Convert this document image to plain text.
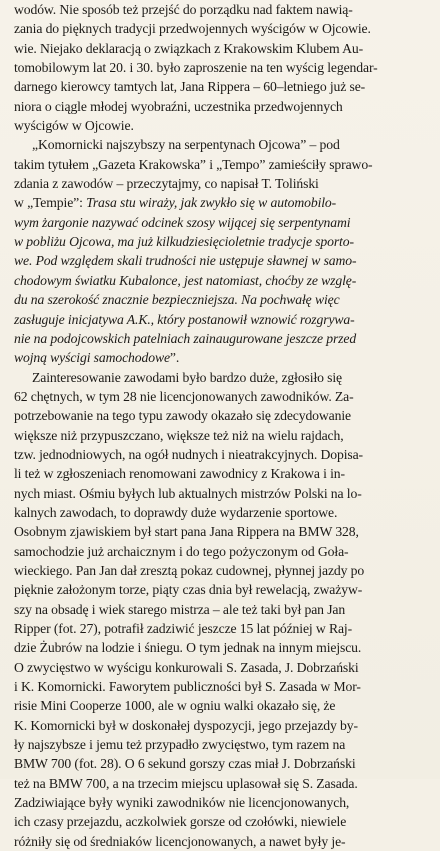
wodów. Nie sposób też przejść do porządku nad faktem nawią-
zania do pięknych tradycji przedwojennych wyścigów w Ojcowie.
wie. Niejako deklaracją o związkach z Krakowskim Klubem Au-
tomobilowym lat 20. i 30. było zaproszenie na ten wyścig legendar-
darnego kierowcy tamtych lat, Jana Rippera – 60–letniego już se-
niora o ciągle młodej wyobraźni, uczestnika przedwojennych
wyścigów w Ojcowie.
„Komornicki najszybszy na serpentynach Ojcowa” – pod
takim tytułem „Gazeta Krakowska” i „Tempo” zamieściły sprawo-
zdania z zawodów – przeczytajmy, co napisał T. Toliński
w „Tempie”: Trasa stu wiraży, jak zwykło się w automobilo-
wym żargonie nazywać odcinek szosy wijącej się serpentynami
w pobliżu Ojcowa, ma już kilkudziesięcioletnie tradycje sporto-
we. Pod względem skali trudności nie ustępuje sławnej w samo-
chodowym światku Kubalonce, jest natomiast, choćby ze wzglę-
du na szerokość znacznie bezpieczniejsza. Na pochwałę więc
zasługuje inicjatywa A.K., który postanowił wznowić rozgrywa-
nie na podojcowskich patelniach zainaugurowane jeszcze przed
wojną wyścigi samochodowe”.
Zainteresowanie zawodami było bardzo duże, zgłosiło się
62 chętnych, w tym 28 nie licencjonowanych zawodników. Za-
potrzebowanie na tego typu zawody okazało się zdecydowanie
większe niż przypuszczano, większe też niż na wielu rajdach,
tzw. jednodniowych, na ogół nudnych i nieatrakcyjnych. Dopisa-
li też w zgłoszeniach renomowani zawodnicy z Krakowa i in-
nych miast. Ośmiu byłych lub aktualnych mistrzów Polski na lo-
kalnych zawodach, to doprawdy duże wydarzenie sportowe.
Osobnym zjawiskiem był start pana Jana Rippera na BMW 328,
samochodzie już archaicznym i do tego pożyczonym od Goła-
wieckiego. Pan Jan dał zresztą pokaz cudownej, płynnej jazdy po
pięknie założonym torze, piąty czas dnia był rewelacją, zważyw-
szy na obsadę i wiek starego mistrza – ale też taki był pan Jan
Ripper (fot. 27), potrafił zadziwić jeszcze 15 lat później w Raj-
dzie Żubrów na lodzie i śniegu. O tym jednak na innym miejscu.
O zwycięstwo w wyścigu konkurowali S. Zasada, J. Dobrzański
i K. Komornicki. Faworytem publiczności był S. Zasada w Mor-
risie Mini Cooperze 1000, ale w ogniu walki okazało się, że
K. Komornicki był w doskonałej dyspozycji, jego przejazdy by-
ły najszybsze i jemu też przypadło zwycięstwo, tym razem na
BMW 700 (fot. 28). O 6 sekund gorszy czas miał J. Dobrzański
też na BMW 700, a na trzecim miejscu uplasował się S. Zasada.
Zadziwiające były wyniki zawodników nie licencjonowanych,
ich czasy przejazdu, aczkolwiek gorsze od czołówki, niewiele
różniły się od średniaków licencjonowanych, a nawet były je-
